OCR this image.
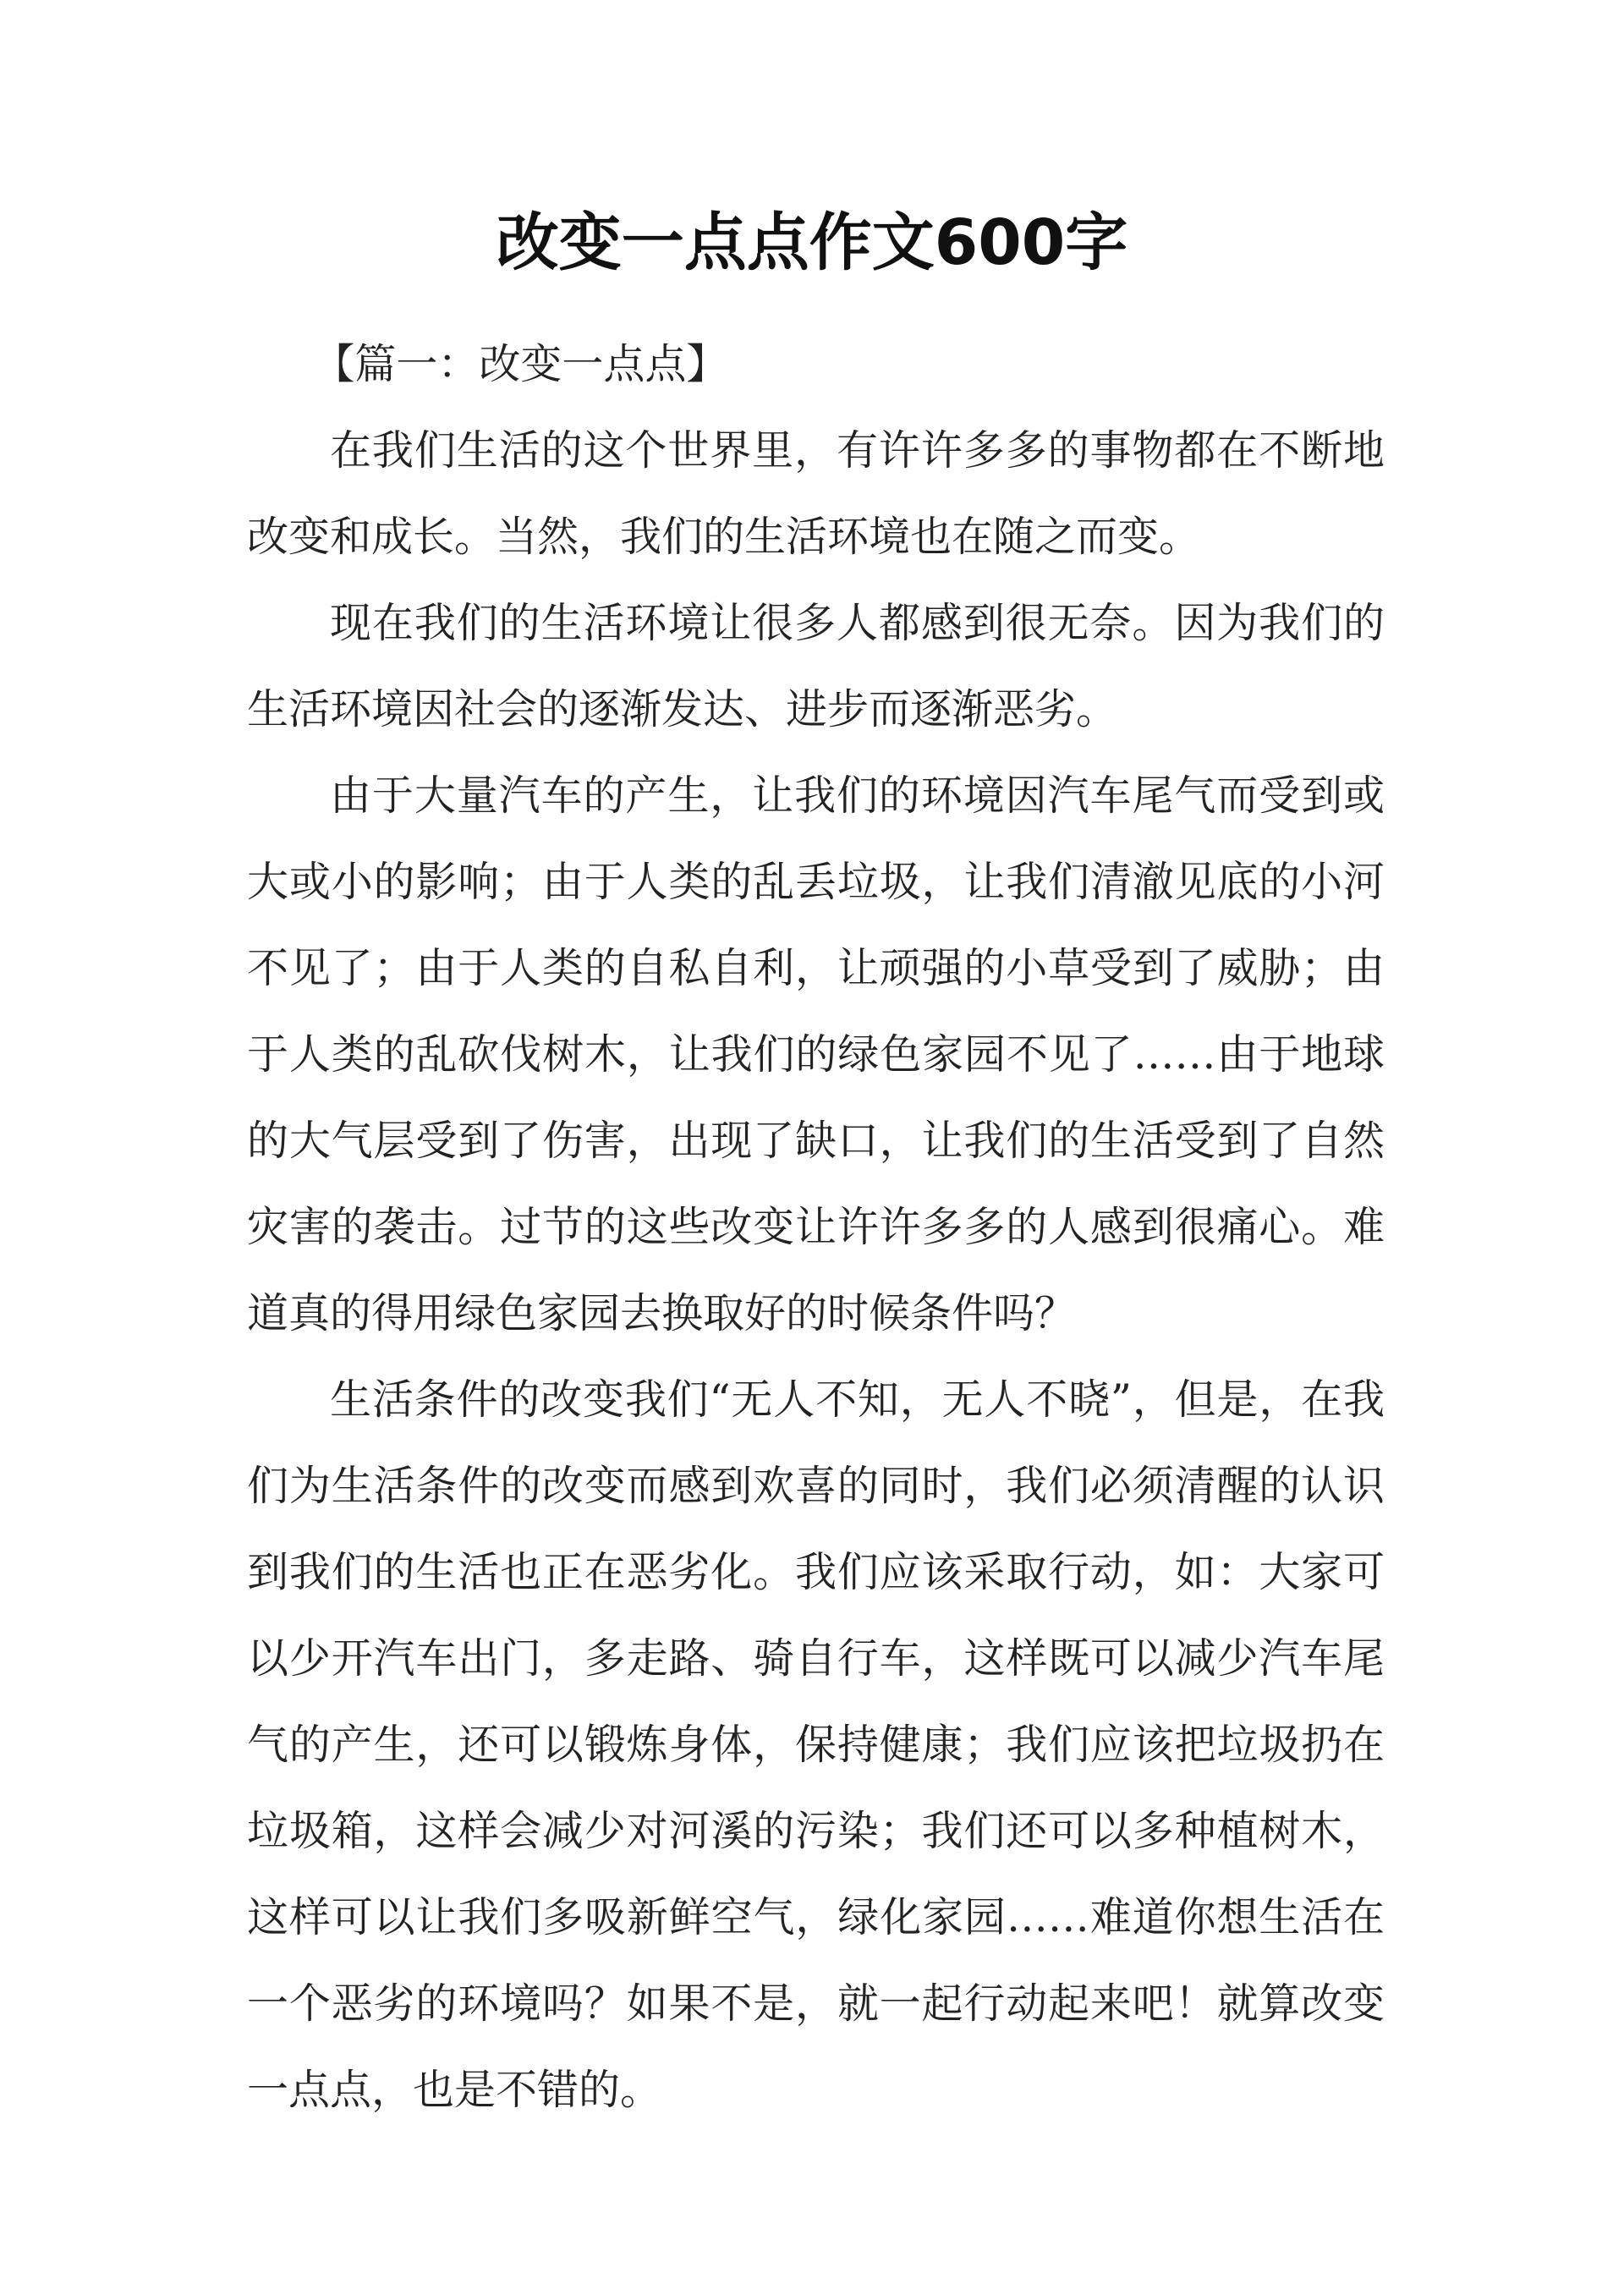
改变一点点作文600字

【篇一：改变一点点】

在我们生活的这个世界里，有许许多多的事物都在不断地改变和成长。当然，我们的生活环境也在随之而变。

现在我们的生活环境让很多人都感到很无奈。因为我们的生活环境因社会的逐渐发达、进步而逐渐恶劣。

由于大量汽车的产生，让我们的环境因汽车尾气而受到或大或小的影响；由于人类的乱丢垃圾，让我们清澈见底的小河不见了；由于人类的自私自利，让顽强的小草受到了威胁；由于人类的乱砍伐树木，让我们的绿色家园不见了……由于地球的大气层受到了伤害，出现了缺口，让我们的生活受到了自然灾害的袭击。过节的这些改变让许许多多的人感到很痛心。难道真的得用绿色家园去换取好的时候条件吗？

生活条件的改变我们“无人不知，无人不晓”，但是，在我们为生活条件的改变而感到欢喜的同时，我们必须清醒的认识到我们的生活也正在恶劣化。我们应该采取行动，如：大家可以少开汽车出门，多走路、骑自行车，这样既可以减少汽车尾气的产生，还可以锻炼身体，保持健康；我们应该把垃圾扔在垃圾箱，这样会减少对河溪的污染；我们还可以多种植树木，这样可以让我们多吸新鲜空气，绿化家园……难道你想生活在一个恶劣的环境吗？如果不是，就一起行动起来吧！就算改变一点点，也是不错的。
